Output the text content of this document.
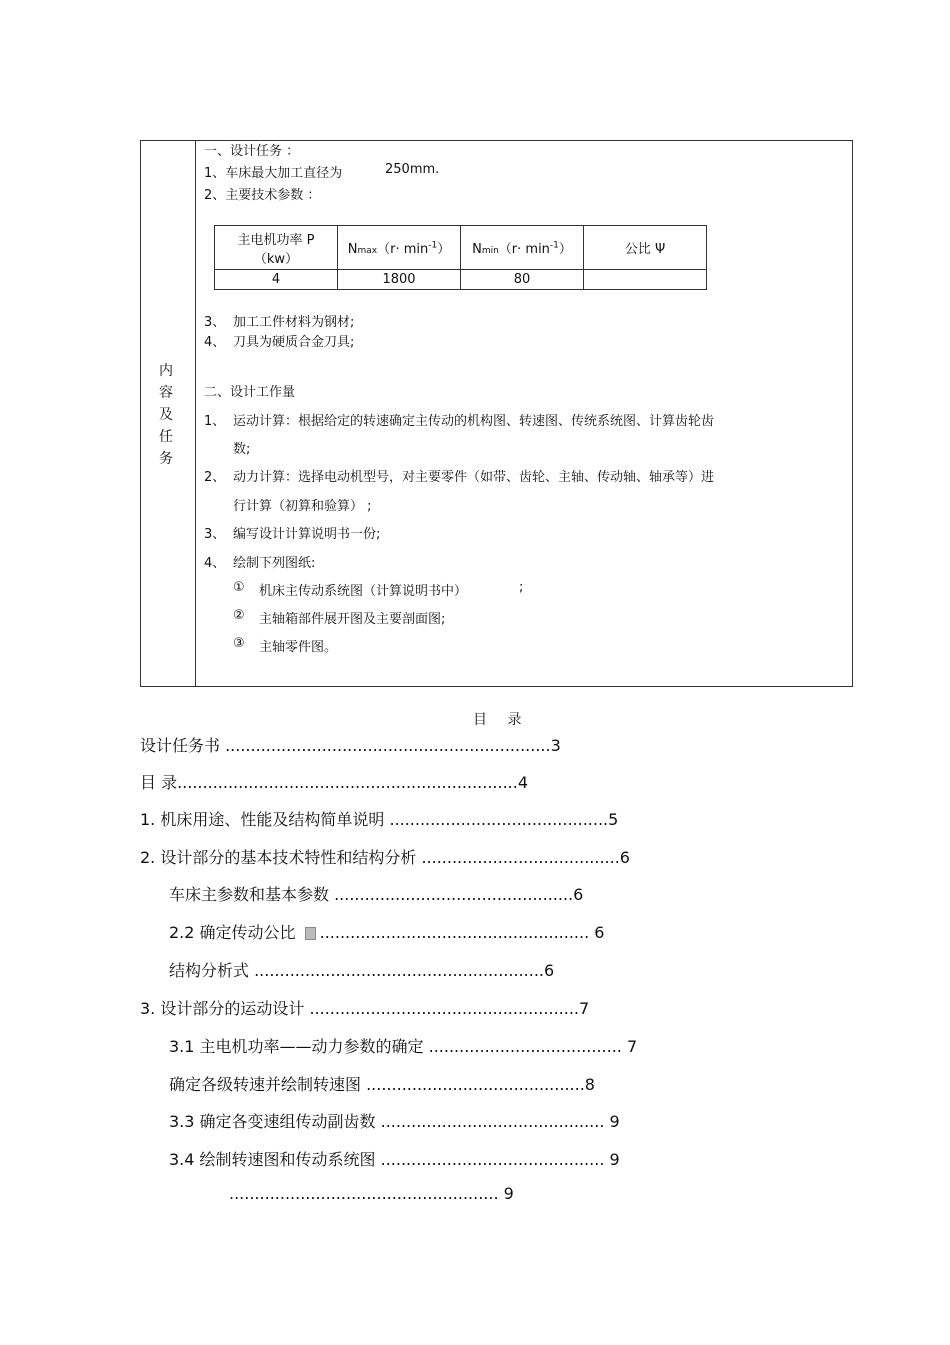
内
容
及
任
务
一、设计任务 ：
1、车床最大加工直径为	250mm.
2、主要技术参数 ：
主电机功率 P
（kw）	$Nmax(r\cdot \min^{-1})$	$Nmin(r\cdot \min^{-1})$	公比 Ψ
4	1800	80	
3、 加工工件材料为钢材;
4、 刀具为硬质合金刀具;
二、设计工作量
1、 运动计算：根据给定的转速确定主传动的机构图、转速图、传统系统图、计算齿轮齿
数;
2、 动力计算：选择电动机型号，对主要零件（如带、齿轮、主轴、传动轴、轴承等）进
行计算（初算和验算） ;
3、 编写设计计算说明书一份;
4、 绘制下列图纸:
① 机床主传动系统图（计算说明书中）	;
② 主轴箱部件展开图及主要剖面图;
③ 主轴零件图。
目 录
设计任务书 ................................................................3
目 录...................................................................4
1. 机床用途、性能及结构简单说明 ...........................................5
2. 设计部分的基本技术特性和结构分析 .......................................6
车床主参数和基本参数 ...............................................6
2.2 确定传动公比 ..................................................... 6
结构分析式 .........................................................6
3. 设计部分的运动设计 .....................................................7
3.1 主电机功率——动力参数的确定 ...................................... 7
确定各级转速并绘制转速图 ...........................................8
3.3 确定各变速组传动副齿数 ............................................ 9
3.4 绘制转速图和传动系统图 ............................................ 9
..................................................... 9
